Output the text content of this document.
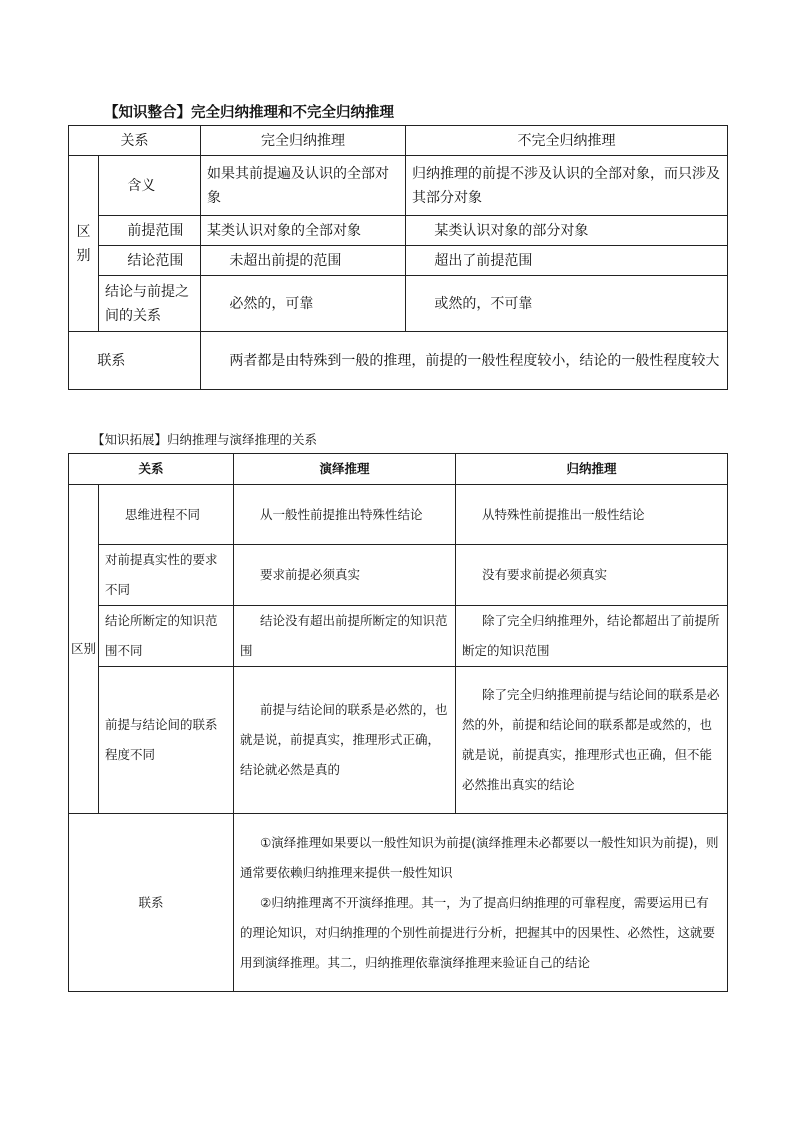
【知识整合】完全归纳推理和不完全归纳推理
关系		完全归纳推理	不完全归纳推理
区别	含义	如果其前提遍及认识的全部对象	归纳推理的前提不涉及认识的全部对象，而只涉及其部分对象
	前提范围	某类认识对象的全部对象	某类认识对象的部分对象
	结论范围	未超出前提的范围	超出了前提范围
	结论与前提之间的关系	必然的，可靠	或然的，不可靠
联系		两者都是由特殊到一般的推理，前提的一般性程度较小，结论的一般性程度较大	
【知识拓展】归纳推理与演绎推理的关系
关系		演绎推理	归纳推理
区别	思维进程不同	从一般性前提推出特殊性结论	从特殊性前提推出一般性结论
	对前提真实性的要求不同	要求前提必须真实	没有要求前提必须真实
	结论所断定的知识范围不同	结论没有超出前提所断定的知识范围	除了完全归纳推理外，结论都超出了前提所断定的知识范围
	前提与结论间的联系程度不同	前提与结论间的联系是必然的，也就是说，前提真实，推理形式正确，结论就必然是真的	除了完全归纳推理前提与结论间的联系是必然的外，前提和结论间的联系都是或然的，也就是说，前提真实，推理形式也正确，但不能必然推出真实的结论
联系		①演绎推理如果要以一般性知识为前提(演绎推理未必都要以一般性知识为前提)，则通常要依赖归纳推理来提供一般性知识

②归纳推理离不开演绎推理。其一，为了提高归纳推理的可靠程度，需要运用已有的理论知识，对归纳推理的个别性前提进行分析，把握其中的因果性、必然性，这就要用到演绎推理。其二，归纳推理依靠演绎推理来验证自己的结论	
